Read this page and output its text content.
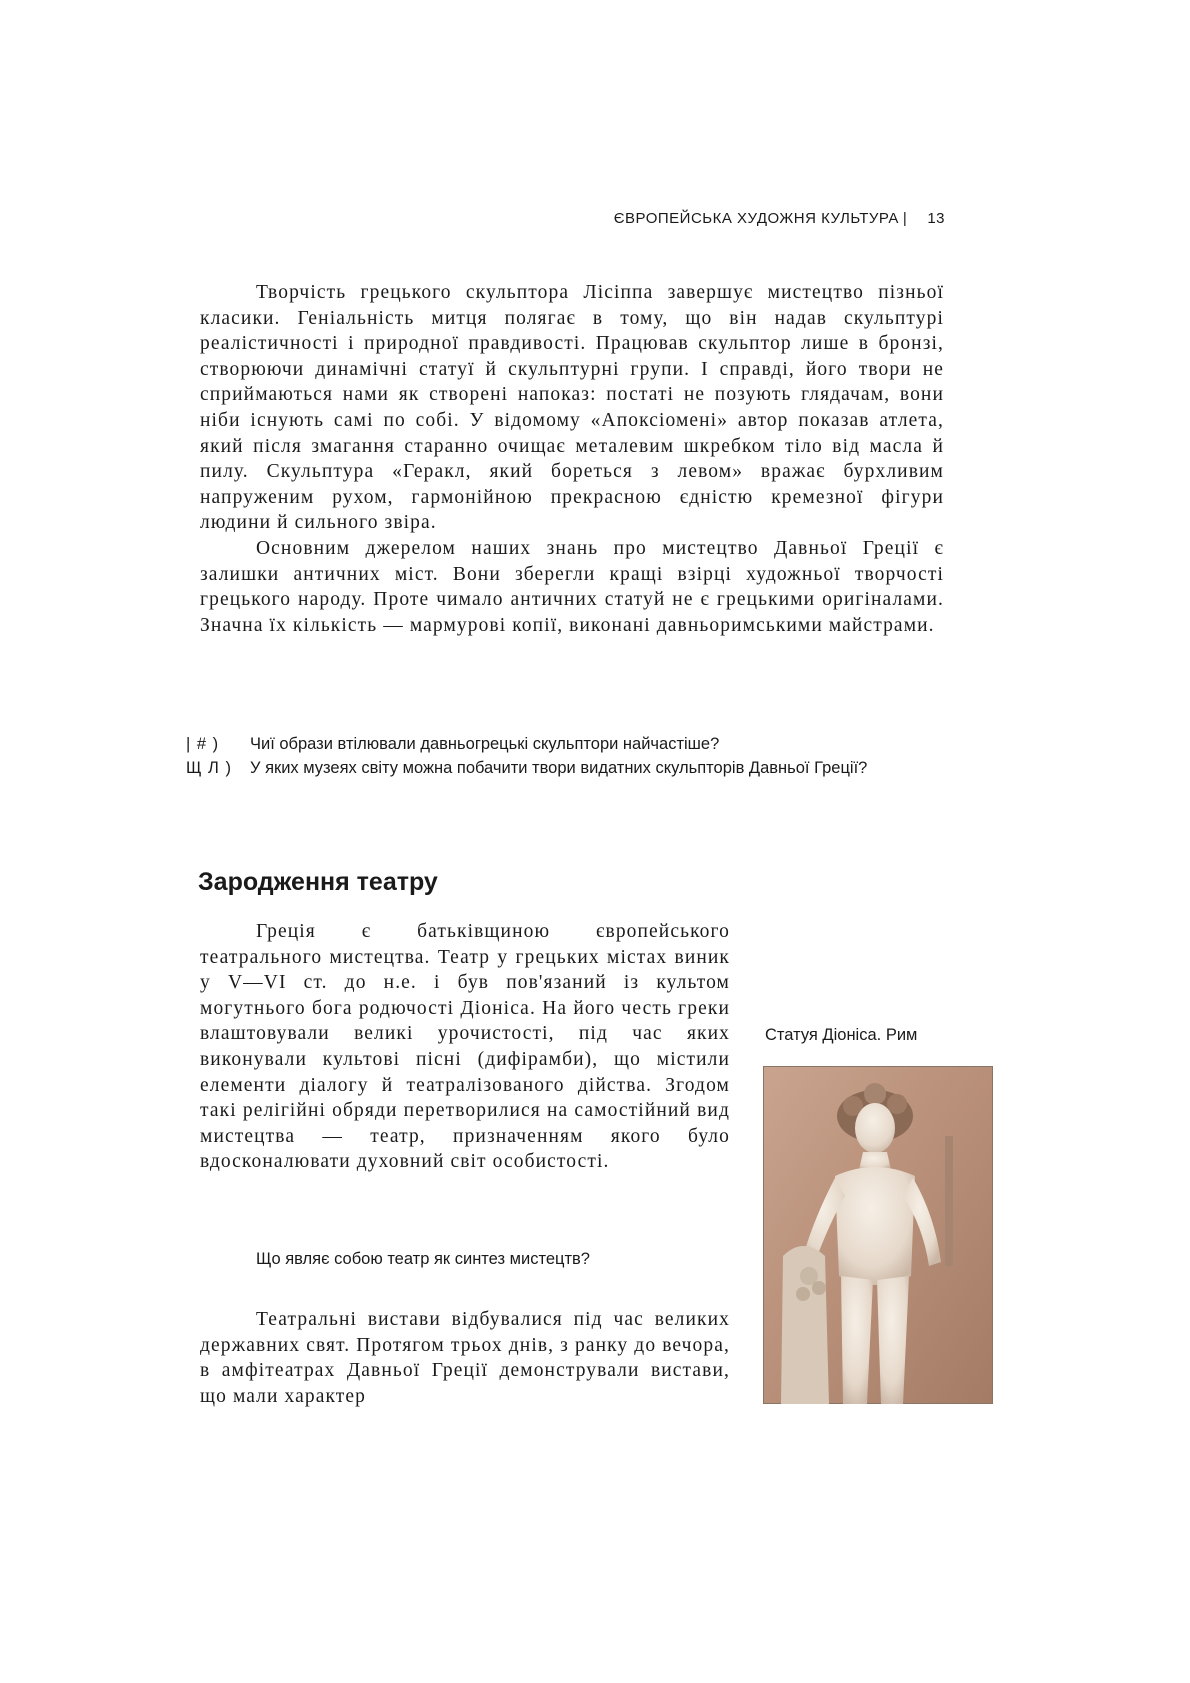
ЄВРОПЕЙСЬКА ХУДОЖНЯ КУЛЬТУРА | 13

Творчість грецького скульптора Лісіппа завершує мистецтво пізньої класики. Геніальність митця полягає в тому, що він надав скульптурі реалістичності і природної правдивості. Працював скульптор лише в бронзі, створюючи динамічні статуї й скульптурні групи. І справді, його твори не сприймаються нами як створені напоказ: постаті не позують глядачам, вони ніби існують самі по собі. У відомому «Апоксіомені» автор показав атлета, який після змагання старанно очищає металевим шкребком тіло від масла й пилу. Скульптура «Геракл, який бореться з левом» вражає бурхливим напруженим рухом, гармонійною прекрасною єдністю кремезної фігури людини й сильного звіра.

Основним джерелом наших знань про мистецтво Давньої Греції є залишки античних міст. Вони зберегли кращі взірці художньої творчості грецького народу. Проте чимало античних статуй не є грецькими оригіналами. Значна їх кількість — мармурові копії, виконані давньоримськими майстрами.

| # )	Чиї образи втілювали давньогрецькі скульптори найчастіше?
Щ Л )	У яких музеях світу можна побачити твори видатних скульпторів Давньої Греції?
Зародження театру

Греція є батьківщиною європейського театрального мистецтва. Театр у грецьких містах виник у V—VI ст. до н.е. і був пов'язаний із культом могутнього бога родючості Діоніса. На його честь греки влаштовували великі урочистості, під час яких виконували культові пісні (дифірамби), що містили елементи діалогу й театралізованого дійства. Згодом такі релігійні обряди перетворилися на самостійний вид мистецтва — театр, призначенням якого було вдосконалювати духовний світ особистості.

Що являє собою театр як синтез мистецтв?

Театральні вистави відбувалися під час великих державних свят. Протягом трьох днів, з ранку до вечора, в амфітеатрах Давньої Греції демонстрували вистави, що мали характер

Статуя Діоніса. Рим
